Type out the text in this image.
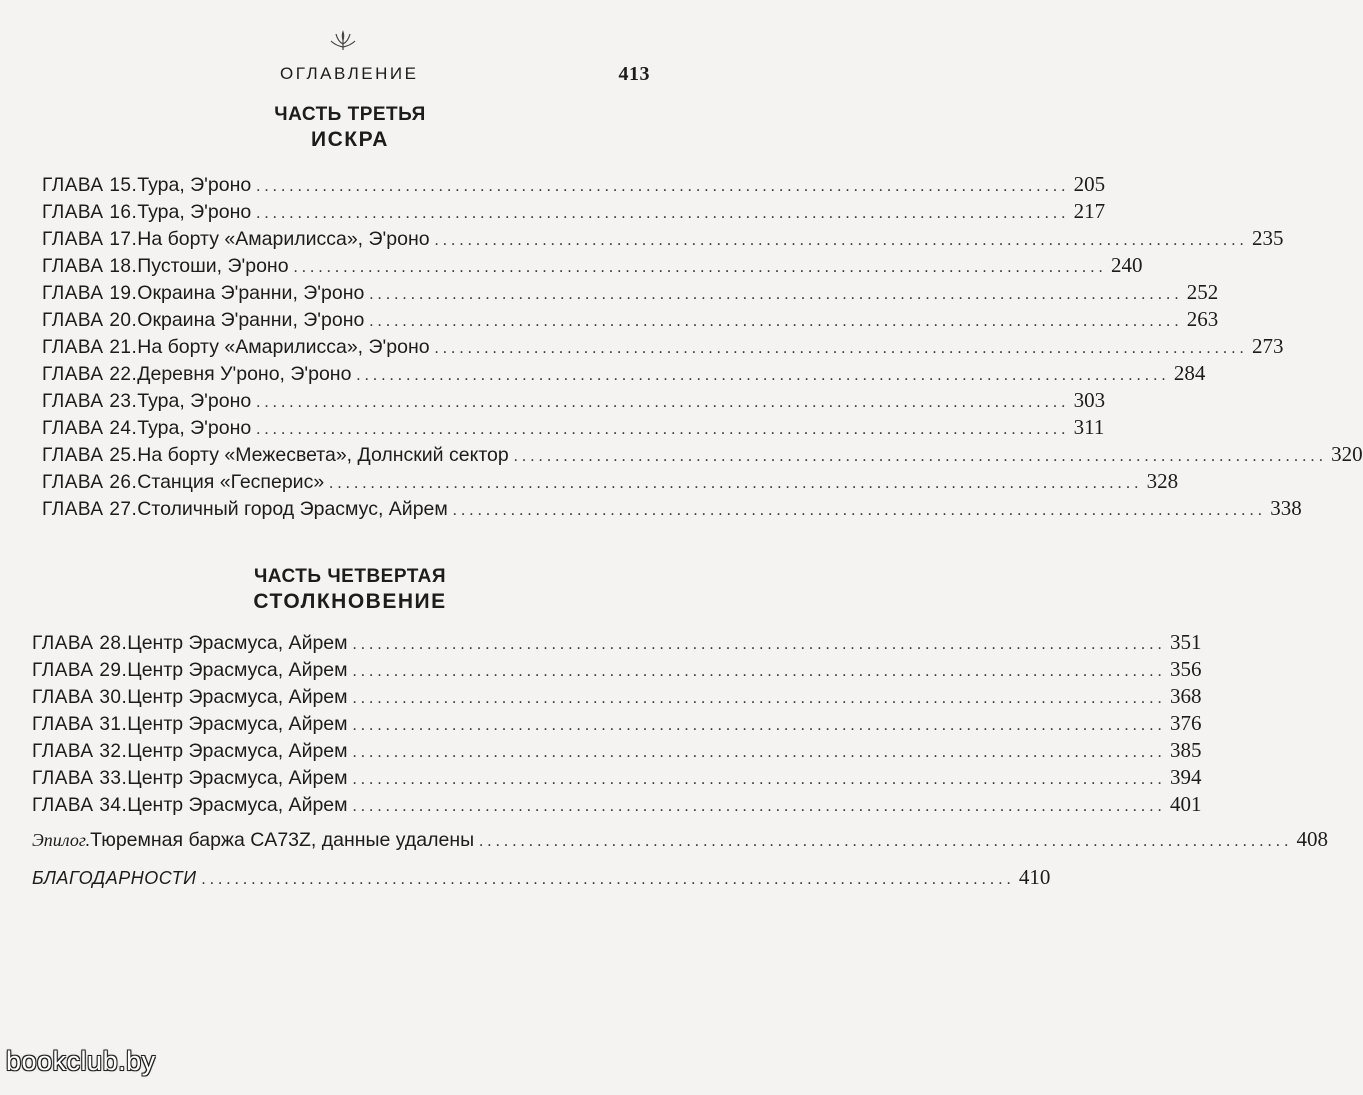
ОГЛАВЛЕНИЕ	413
ЧАСТЬ ТРЕТЬЯ
ИСКРА
ГЛАВА 15. Тура, Э'роно .................................................................................................. 205
ГЛАВА 16. Тура, Э'роно .................................................................................................. 217
ГЛАВА 17. На борту «Амарилисса», Э'роно .................................................................................................. 235
ГЛАВА 18. Пустоши, Э'роно .................................................................................................. 240
ГЛАВА 19. Окраина Э'ранни, Э'роно .................................................................................................. 252
ГЛАВА 20. Окраина Э'ранни, Э'роно .................................................................................................. 263
ГЛАВА 21. На борту «Амарилисса», Э'роно .................................................................................................. 273
ГЛАВА 22. Деревня У'роно, Э'роно .................................................................................................. 284
ГЛАВА 23. Тура, Э'роно .................................................................................................. 303
ГЛАВА 24. Тура, Э'роно .................................................................................................. 311
ГЛАВА 25. На борту «Межесвета», Долнский сектор .................................................................................................. 320
ГЛАВА 26. Станция «Гесперис» .................................................................................................. 328
ГЛАВА 27. Столичный город Эрасмус, Айрем .................................................................................................. 338
ЧАСТЬ ЧЕТВЕРТАЯ
СТОЛКНОВЕНИЕ
ГЛАВА 28. Центр Эрасмуса, Айрем .................................................................................................. 351
ГЛАВА 29. Центр Эрасмуса, Айрем .................................................................................................. 356
ГЛАВА 30. Центр Эрасмуса, Айрем .................................................................................................. 368
ГЛАВА 31. Центр Эрасмуса, Айрем .................................................................................................. 376
ГЛАВА 32. Центр Эрасмуса, Айрем .................................................................................................. 385
ГЛАВА 33. Центр Эрасмуса, Айрем .................................................................................................. 394
ГЛАВА 34. Центр Эрасмуса, Айрем .................................................................................................. 401
Эпилог. Тюремная баржа CA73Z, данные удалены .................................................................................................. 408
БЛАГОДАРНОСТИ .................................................................................................. 410
bookclub.by
